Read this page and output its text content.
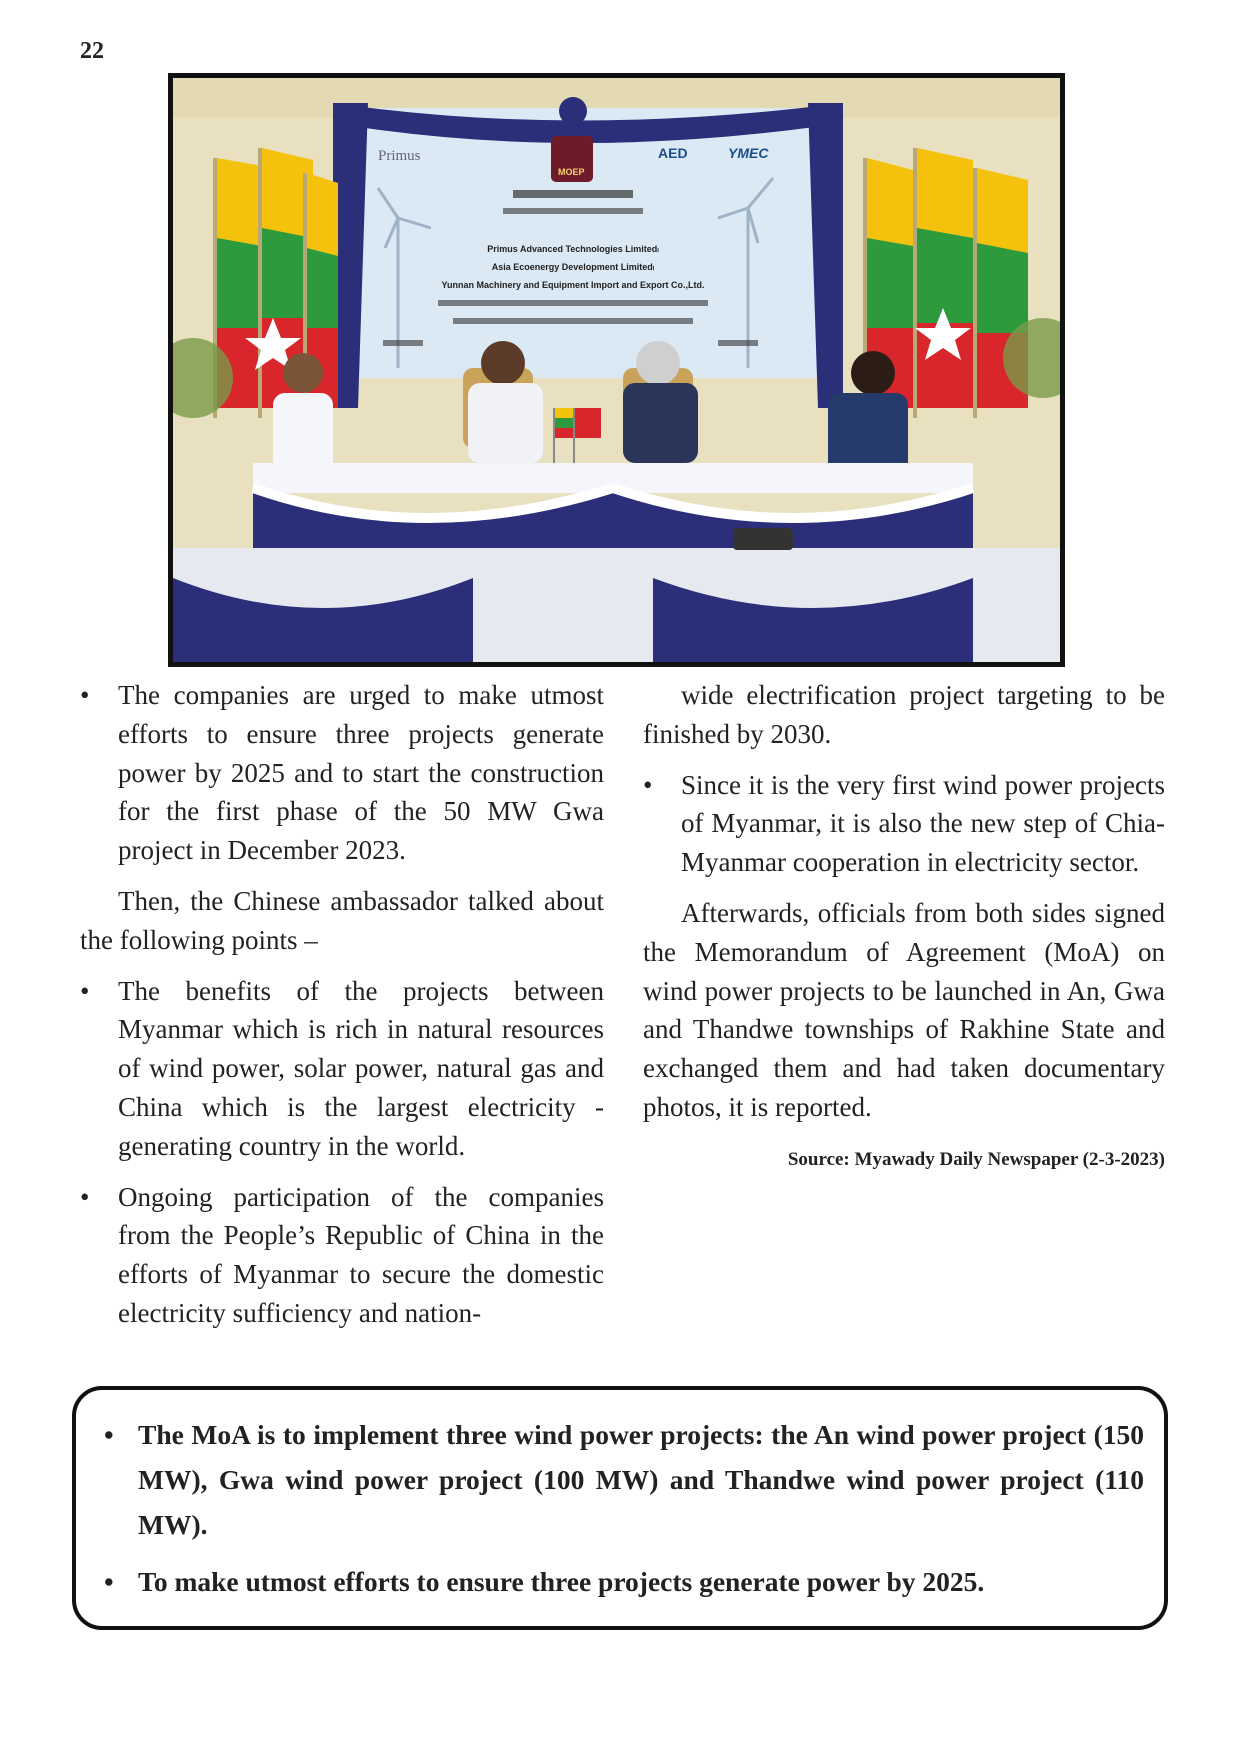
22
Primus
MOEP
AED	YMEC
Primus Advanced Technologies Limited၊
Asia Ecoenergy Development Limited၊
Yunnan Machinery and Equipment Import and Export Co.,Ltd.

• The companies are urged to make utmost efforts to ensure three projects generate power by 2025 and to start the construction for the first phase of the 50 MW Gwa project in December 2023.

Then, the Chinese ambassador talked about the following points –

• The benefits of the projects between Myanmar which is rich in natural resources of wind power, solar power, natural gas and China which is the largest electricity -generating country in the world.

• Ongoing participation of the companies from the People’s Republic of China in the efforts of Myanmar to secure the domestic electricity sufficiency and nation-

wide electrification project targeting to be finished by 2030.

• Since it is the very first wind power projects of Myanmar, it is also the new step of Chia-Myanmar cooperation in electricity sector.

Afterwards, officials from both sides signed the Memorandum of Agreement (MoA) on wind power projects to be launched in An, Gwa and Thandwe townships of Rakhine State and exchanged them and had taken documentary photos, it is reported.

Source: Myawady Daily Newspaper (2-3-2023)

• The MoA is to implement three wind power projects: the An wind power project (150 MW), Gwa wind power project (100 MW) and Thandwe wind power project (110 MW).

• To make utmost efforts to ensure three projects generate power by 2025.
